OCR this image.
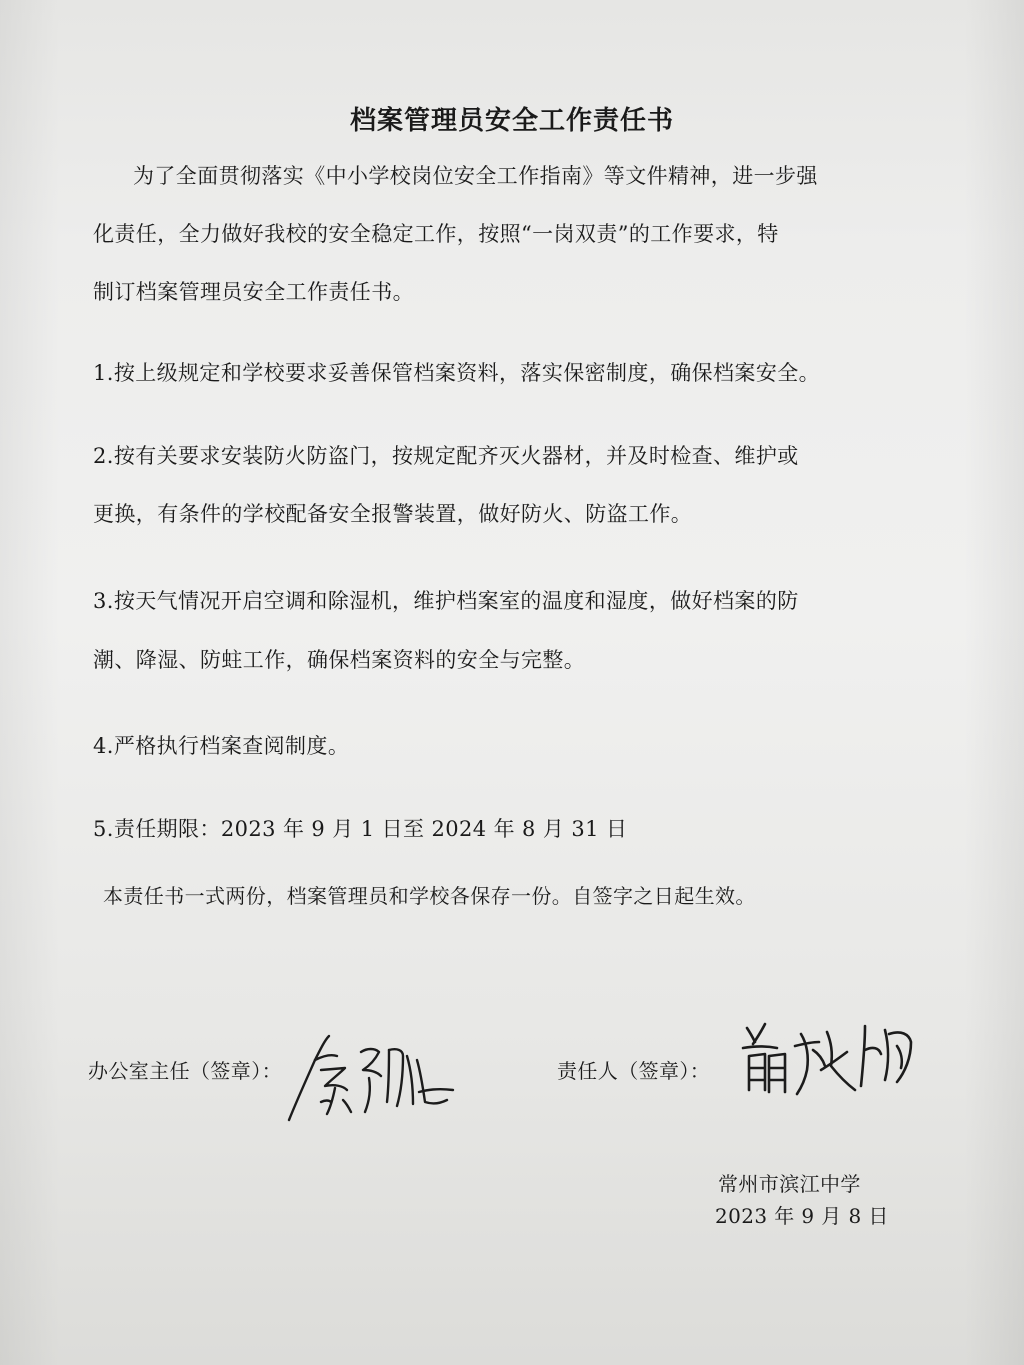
档案管理员安全工作责任书
为了全面贯彻落实《中小学校岗位安全工作指南》等文件精神，进一步强
化责任，全力做好我校的安全稳定工作，按照“一岗双责”的工作要求，特
制订档案管理员安全工作责任书。
1.按上级规定和学校要求妥善保管档案资料，落实保密制度，确保档案安全。
2.按有关要求安装防火防盗门，按规定配齐灭火器材，并及时检查、维护或
更换，有条件的学校配备安全报警装置，做好防火、防盗工作。
3.按天气情况开启空调和除湿机，维护档案室的温度和湿度，做好档案的防
潮、降湿、防蛀工作，确保档案资料的安全与完整。
4.严格执行档案查阅制度。
5.责任期限：2023 年 9 月 1 日至 2024 年 8 月 31 日
本责任书一式两份，档案管理员和学校各保存一份。自签字之日起生效。
办公室主任（签章）：	责任人（签章）：
常州市滨江中学
2023 年 9 月 8 日
